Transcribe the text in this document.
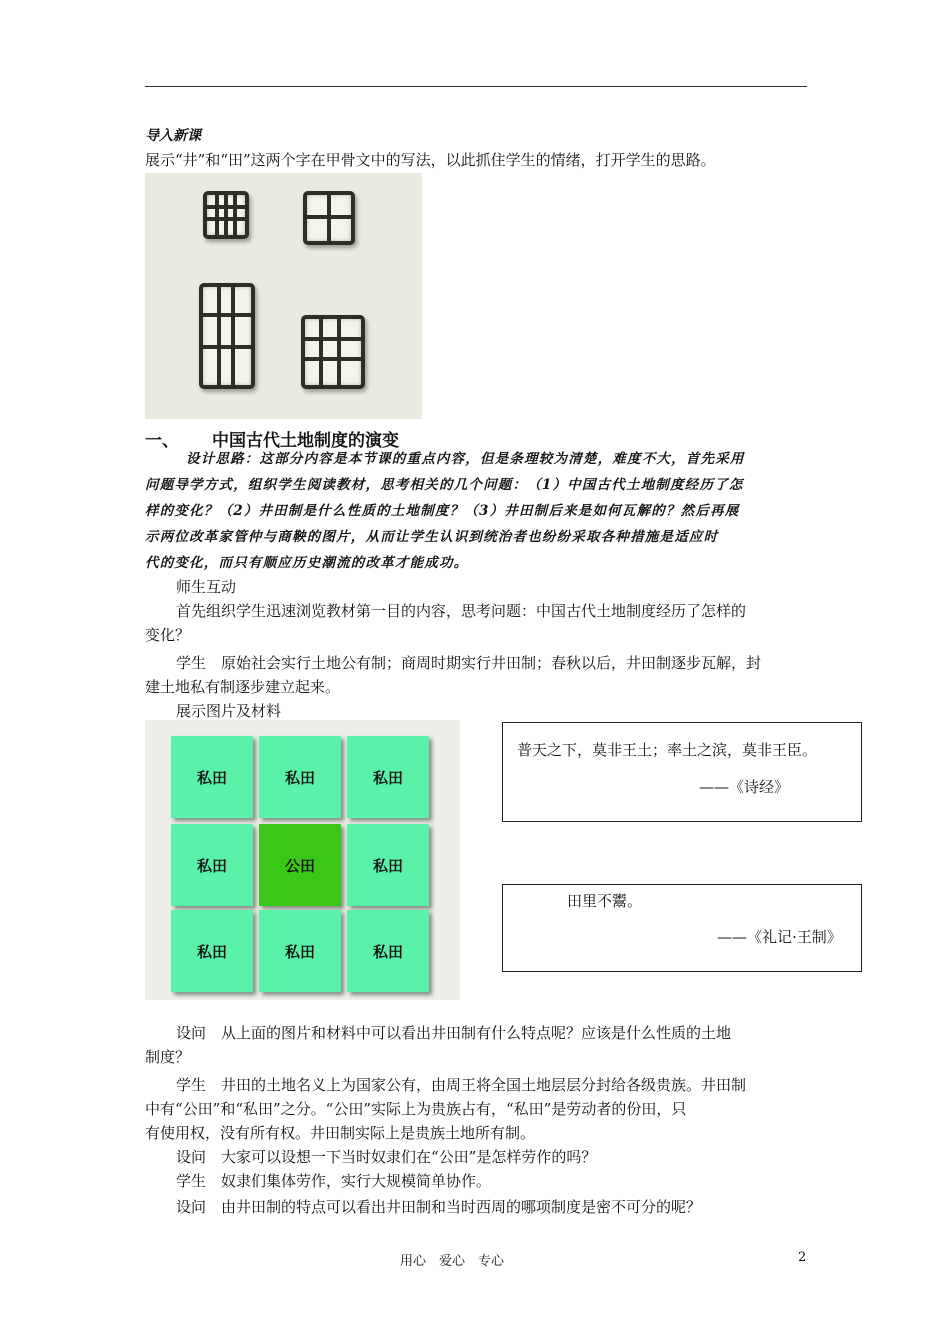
导入新课
展示“井”和“田”这两个字在甲骨文中的写法，以此抓住学生的情绪，打开学生的思路。
一、 中国古代土地制度的演变
设计思路：这部分内容是本节课的重点内容，但是条理较为清楚，难度不大，首先采用
问题导学方式，组织学生阅读教材，思考相关的几个问题：（1）中国古代土地制度经历了怎
样的变化？（2）井田制是什么性质的土地制度？（3）井田制后来是如何瓦解的？然后再展
示两位改革家管仲与商鞅的图片，从而让学生认识到统治者也纷纷采取各种措施是适应时
代的变化，而只有顺应历史潮流的改革才能成功。
师生互动
首先组织学生迅速浏览教材第一目的内容，思考问题：中国古代土地制度经历了怎样的
变化？
学生　原始社会实行土地公有制；商周时期实行井田制；春秋以后，井田制逐步瓦解，封
建土地私有制逐步建立起来。
展示图片及材料
私田	私田	私田
私田	公田	私田
私田	私田	私田
普天之下，莫非王土；率土之滨，莫非王臣。
——《诗经》
田里不鬻。
——《礼记·王制》
设问　从上面的图片和材料中可以看出井田制有什么特点呢？应该是什么性质的土地
制度？
学生　井田的土地名义上为国家公有，由周王将全国土地层层分封给各级贵族。井田制
中有“公田”和“私田”之分。“公田”实际上为贵族占有，“私田”是劳动者的份田，只
有使用权，没有所有权。井田制实际上是贵族土地所有制。
设问　大家可以设想一下当时奴隶们在“公田”是怎样劳作的吗？
学生　奴隶们集体劳作，实行大规模简单协作。
设问　由井田制的特点可以看出井田制和当时西周的哪项制度是密不可分的呢？
用心　爱心　专心	2
